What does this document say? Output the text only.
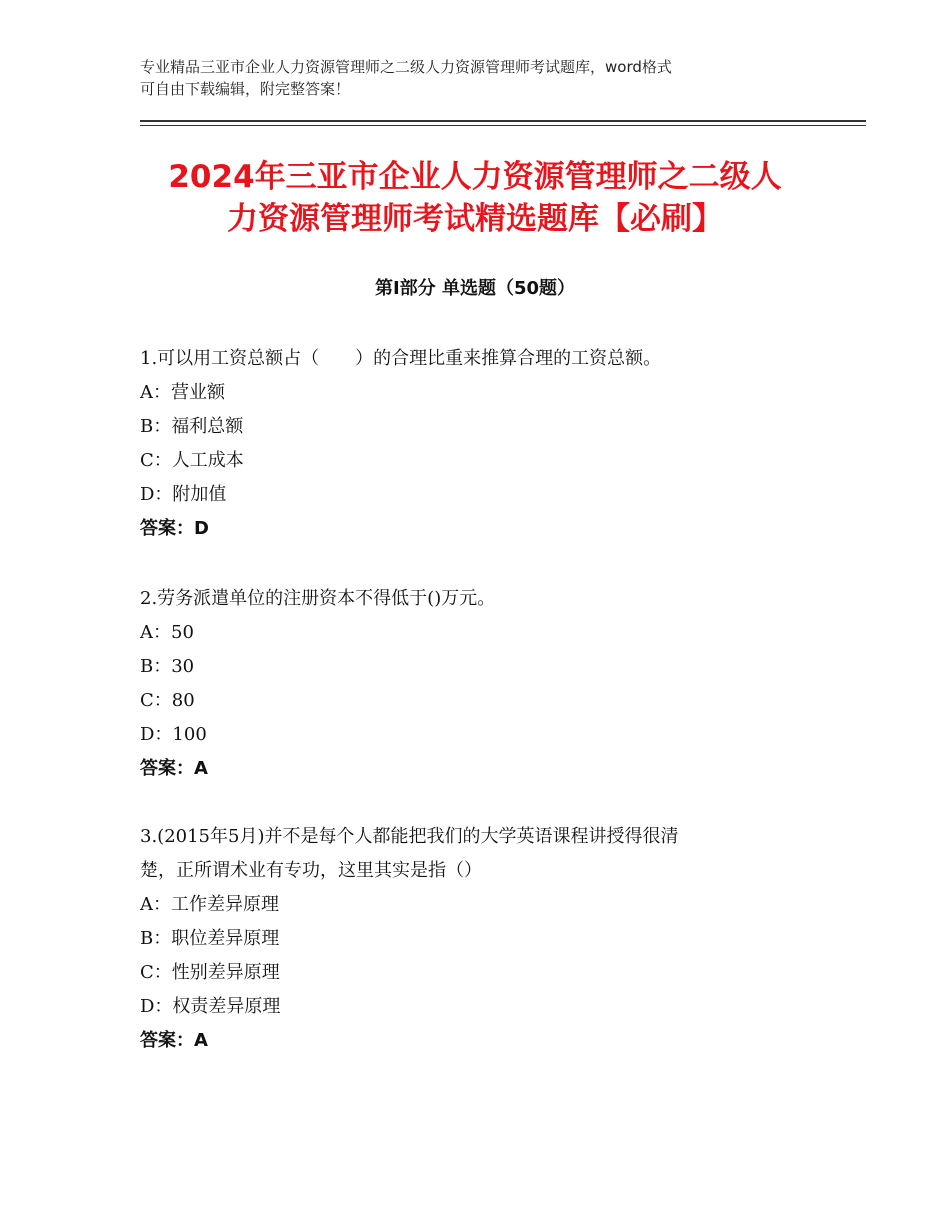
专业精品三亚市企业人力资源管理师之二级人力资源管理师考试题库，word格式
可自由下载编辑，附完整答案！
2024年三亚市企业人力资源管理师之二级人
力资源管理师考试精选题库【必刷】
第Ⅰ部分 单选题（50题）
1.可以用工资总额占（　　）的合理比重来推算合理的工资总额。
A：营业额
B：福利总额
C：人工成本
D：附加值
答案：D
2.劳务派遣单位的注册资本不得低于()万元。
A：50
B：30
C：80
D：100
答案：A
3.(2015年5月)并不是每个人都能把我们的大学英语课程讲授得很清
楚，正所谓术业有专功，这里其实是指（）
A：工作差异原理
B：职位差异原理
C：性别差异原理
D：权责差异原理
答案：A
